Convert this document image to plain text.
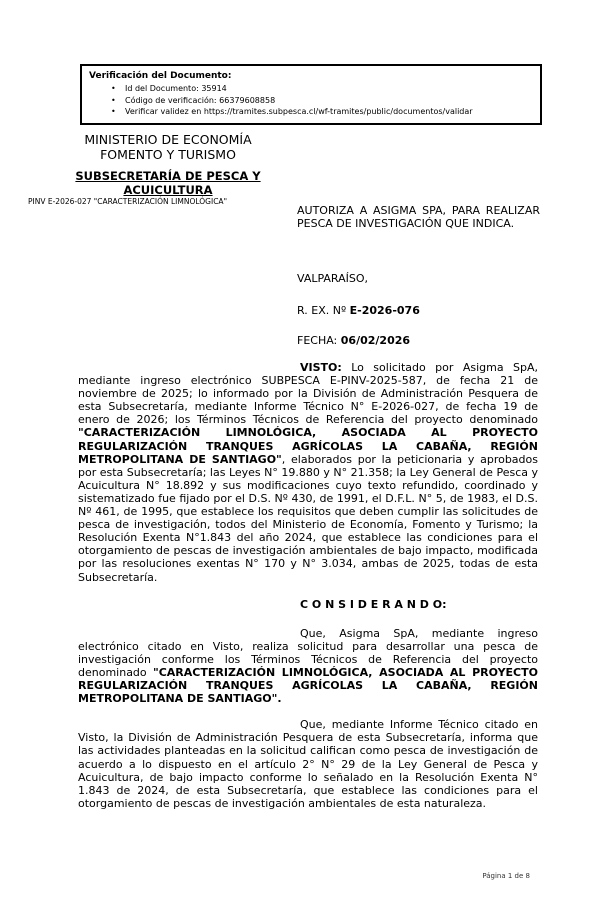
Verificación del Documento:
• Id del Documento: 35914
• Código de verificación: 66379608858
• Verificar validez en https://tramites.subpesca.cl/wf-tramites/public/documentos/validar
MINISTERIO DE ECONOMÍA
FOMENTO Y TURISMO
SUBSECRETARÍA DE PESCA Y
ACUICULTURA
PINV E-2026-027 "CARACTERIZACIÓN LIMNOLÓGICA"
AUTORIZA A ASIGMA SPA, PARA REALIZAR PESCA DE INVESTIGACIÓN QUE INDICA.
VALPARAÍSO,
R. EX. Nº E-2026-076
FECHA: 06/02/2026

VISTO: Lo solicitado por Asigma SpA, mediante ingreso electrónico SUBPESCA E-PINV-2025-587, de fecha 21 de noviembre de 2025; lo informado por la División de Administración Pesquera de esta Subsecretaría, mediante Informe Técnico N° E-2026-027, de fecha 19 de enero de 2026; los Términos Técnicos de Referencia del proyecto denominado "CARACTERIZACIÓN LIMNOLÓGICA, ASOCIADA AL PROYECTO REGULARIZACIÓN TRANQUES AGRÍCOLAS LA CABAÑA, REGIÓN METROPOLITANA DE SANTIAGO", elaborados por la peticionaria y aprobados por esta Subsecretaría; las Leyes N° 19.880 y N° 21.358; la Ley General de Pesca y Acuicultura N° 18.892 y sus modificaciones cuyo texto refundido, coordinado y sistematizado fue fijado por el D.S. Nº 430, de 1991, el D.F.L. N° 5, de 1983, el D.S. Nº 461, de 1995, que establece los requisitos que deben cumplir las solicitudes de pesca de investigación, todos del Ministerio de Economía, Fomento y Turismo; la Resolución Exenta N°1.843 del año 2024, que establece las condiciones para el otorgamiento de pescas de investigación ambientales de bajo impacto, modificada por las resoluciones exentas N° 170 y N° 3.034, ambas de 2025, todas de esta Subsecretaría.

C O N S I D E R A N D O:

Que, Asigma SpA, mediante ingreso electrónico citado en Visto, realiza solicitud para desarrollar una pesca de investigación conforme los Términos Técnicos de Referencia del proyecto denominado "CARACTERIZACIÓN LIMNOLÓGICA, ASOCIADA AL PROYECTO REGULARIZACIÓN TRANQUES AGRÍCOLAS LA CABAÑA, REGIÓN METROPOLITANA DE SANTIAGO".

Que, mediante Informe Técnico citado en Visto, la División de Administración Pesquera de esta Subsecretaría, informa que las actividades planteadas en la solicitud califican como pesca de investigación de acuerdo a lo dispuesto en el artículo 2° N° 29 de la Ley General de Pesca y Acuicultura, de bajo impacto conforme lo señalado en la Resolución Exenta N° 1.843 de 2024, de esta Subsecretaría, que establece las condiciones para el otorgamiento de pescas de investigación ambientales de esta naturaleza.

Página 1 de 8
